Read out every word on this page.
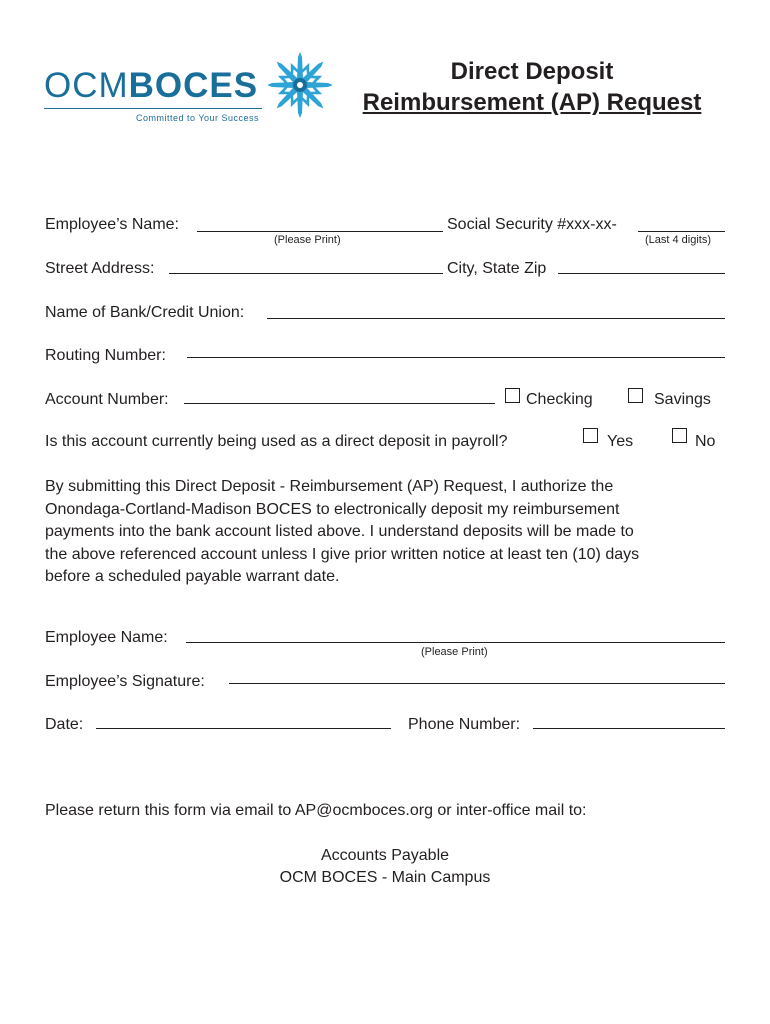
OCMBOCES
Committed to Your Success
Direct Deposit
Reimbursement (AP) Request
Employee’s Name:
(Please Print)
Social Security #xxx-xx-
(Last 4 digits)
Street Address:	City, State Zip
Name of Bank/Credit Union:
Routing Number:
Account Number:	Checking	Savings
Is this account currently being used as a direct deposit in payroll?	Yes	No
By submitting this Direct Deposit - Reimbursement (AP) Request, I authorize the
Onondaga-Cortland-Madison BOCES to electronically deposit my reimbursement
payments into the bank account listed above. I understand deposits will be made to
the above referenced account unless I give prior written notice at least ten (10) days
before a scheduled payable warrant date.
Employee Name:
(Please Print)
Employee’s Signature:
Date:	Phone Number:
Please return this form via email to AP@ocmboces.org or inter-office mail to:
Accounts Payable
OCM BOCES - Main Campus
